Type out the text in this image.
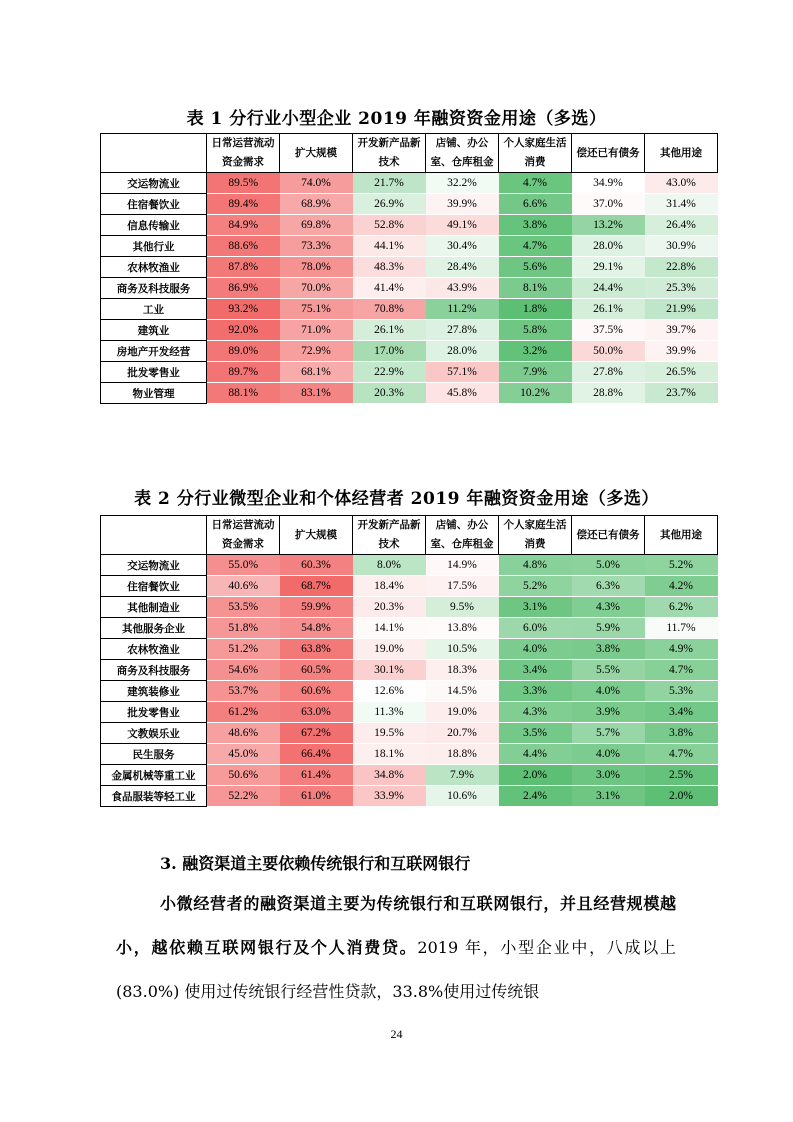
表 1 分行业小型企业 2019 年融资资金用途（多选）
	日常运营流动资金需求	扩大规模	开发新产品新技术	店铺、办公室、仓库租金	个人家庭生活消费	偿还已有债务	其他用途
交运物流业	89.5%	74.0%	21.7%	32.2%	4.7%	34.9%	43.0%
住宿餐饮业	89.4%	68.9%	26.9%	39.9%	6.6%	37.0%	31.4%
信息传输业	84.9%	69.8%	52.8%	49.1%	3.8%	13.2%	26.4%
其他行业	88.6%	73.3%	44.1%	30.4%	4.7%	28.0%	30.9%
农林牧渔业	87.8%	78.0%	48.3%	28.4%	5.6%	29.1%	22.8%
商务及科技服务	86.9%	70.0%	41.4%	43.9%	8.1%	24.4%	25.3%
工业	93.2%	75.1%	70.8%	11.2%	1.8%	26.1%	21.9%
建筑业	92.0%	71.0%	26.1%	27.8%	5.8%	37.5%	39.7%
房地产开发经营	89.0%	72.9%	17.0%	28.0%	3.2%	50.0%	39.9%
批发零售业	89.7%	68.1%	22.9%	57.1%	7.9%	27.8%	26.5%
物业管理	88.1%	83.1%	20.3%	45.8%	10.2%	28.8%	23.7%
表 2 分行业微型企业和个体经营者 2019 年融资资金用途（多选）
	日常运营流动资金需求	扩大规模	开发新产品新技术	店铺、办公室、仓库租金	个人家庭生活消费	偿还已有债务	其他用途
交运物流业	55.0%	60.3%	8.0%	14.9%	4.8%	5.0%	5.2%
住宿餐饮业	40.6%	68.7%	18.4%	17.5%	5.2%	6.3%	4.2%
其他制造业	53.5%	59.9%	20.3%	9.5%	3.1%	4.3%	6.2%
其他服务企业	51.8%	54.8%	14.1%	13.8%	6.0%	5.9%	11.7%
农林牧渔业	51.2%	63.8%	19.0%	10.5%	4.0%	3.8%	4.9%
商务及科技服务	54.6%	60.5%	30.1%	18.3%	3.4%	5.5%	4.7%
建筑装修业	53.7%	60.6%	12.6%	14.5%	3.3%	4.0%	5.3%
批发零售业	61.2%	63.0%	11.3%	19.0%	4.3%	3.9%	3.4%
文教娱乐业	48.6%	67.2%	19.5%	20.7%	3.5%	5.7%	3.8%
民生服务	45.0%	66.4%	18.1%	18.8%	4.4%	4.0%	4.7%
金属机械等重工业	50.6%	61.4%	34.8%	7.9%	2.0%	3.0%	2.5%
食品服装等轻工业	52.2%	61.0%	33.9%	10.6%	2.4%	3.1%	2.0%
3. 融资渠道主要依赖传统银行和互联网银行
小微经营者的融资渠道主要为传统银行和互联网银行，并且经营规模越小，越依赖互联网银行及个人消费贷。2019 年，小型企业中，八成以上 (83.0%) 使用过传统银行经营性贷款，33.8%使用过传统银
24
